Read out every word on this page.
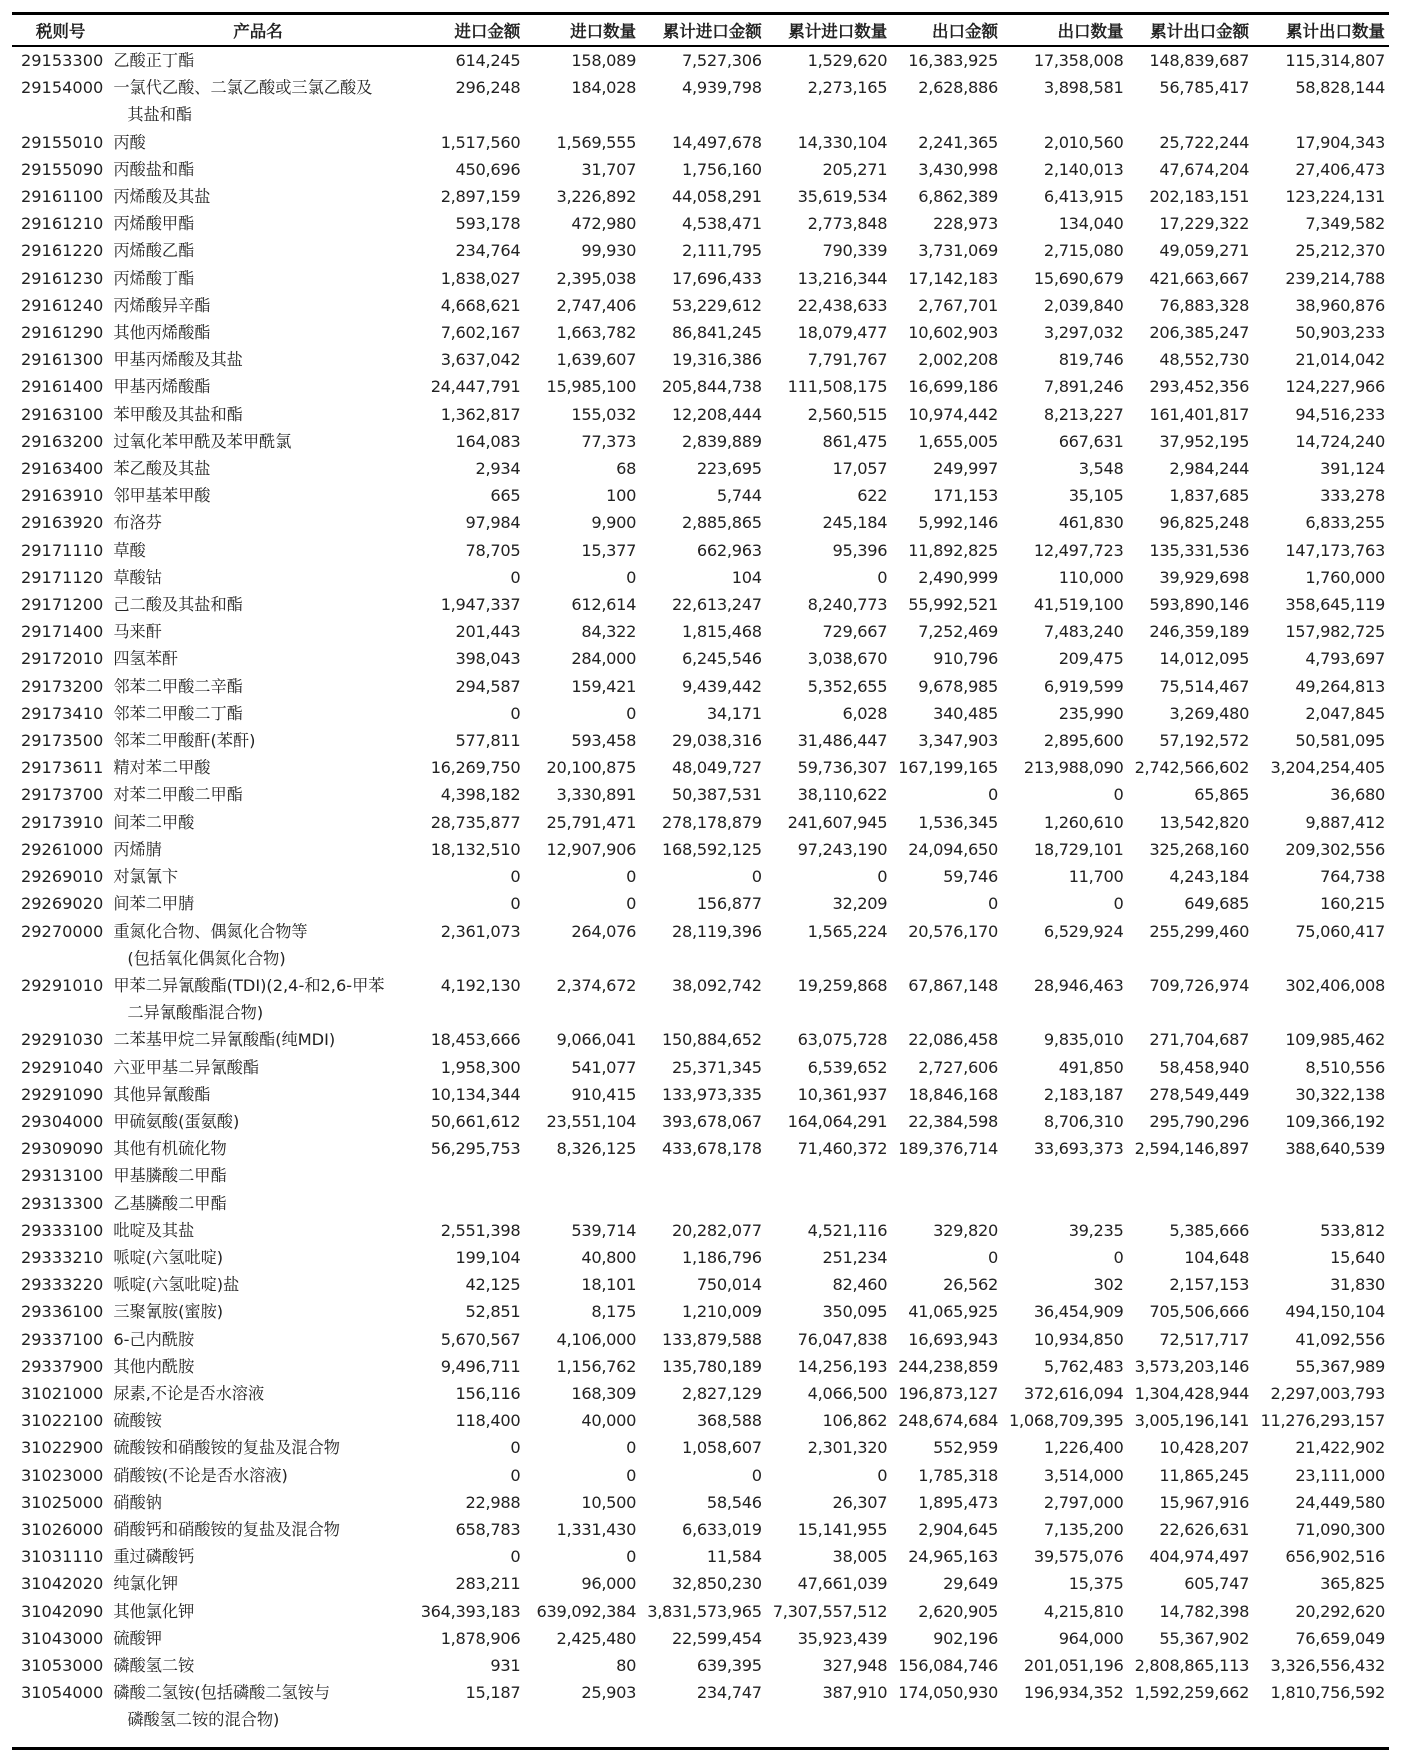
税则号	产品名	进口金额	进口数量	累计进口金额	累计进口数量	出口金额	出口数量	累计出口金额	累计出口数量
29153300	乙酸正丁酯	614,245	158,089	7,527,306	1,529,620	16,383,925	17,358,008	148,839,687	115,314,807
29154000	一氯代乙酸、二氯乙酸或三氯乙酸及
其盐和酯	296,248	184,028	4,939,798	2,273,165	2,628,886	3,898,581	56,785,417	58,828,144
29155010	丙酸	1,517,560	1,569,555	14,497,678	14,330,104	2,241,365	2,010,560	25,722,244	17,904,343
29155090	丙酸盐和酯	450,696	31,707	1,756,160	205,271	3,430,998	2,140,013	47,674,204	27,406,473
29161100	丙烯酸及其盐	2,897,159	3,226,892	44,058,291	35,619,534	6,862,389	6,413,915	202,183,151	123,224,131
29161210	丙烯酸甲酯	593,178	472,980	4,538,471	2,773,848	228,973	134,040	17,229,322	7,349,582
29161220	丙烯酸乙酯	234,764	99,930	2,111,795	790,339	3,731,069	2,715,080	49,059,271	25,212,370
29161230	丙烯酸丁酯	1,838,027	2,395,038	17,696,433	13,216,344	17,142,183	15,690,679	421,663,667	239,214,788
29161240	丙烯酸异辛酯	4,668,621	2,747,406	53,229,612	22,438,633	2,767,701	2,039,840	76,883,328	38,960,876
29161290	其他丙烯酸酯	7,602,167	1,663,782	86,841,245	18,079,477	10,602,903	3,297,032	206,385,247	50,903,233
29161300	甲基丙烯酸及其盐	3,637,042	1,639,607	19,316,386	7,791,767	2,002,208	819,746	48,552,730	21,014,042
29161400	甲基丙烯酸酯	24,447,791	15,985,100	205,844,738	111,508,175	16,699,186	7,891,246	293,452,356	124,227,966
29163100	苯甲酸及其盐和酯	1,362,817	155,032	12,208,444	2,560,515	10,974,442	8,213,227	161,401,817	94,516,233
29163200	过氧化苯甲酰及苯甲酰氯	164,083	77,373	2,839,889	861,475	1,655,005	667,631	37,952,195	14,724,240
29163400	苯乙酸及其盐	2,934	68	223,695	17,057	249,997	3,548	2,984,244	391,124
29163910	邻甲基苯甲酸	665	100	5,744	622	171,153	35,105	1,837,685	333,278
29163920	布洛芬	97,984	9,900	2,885,865	245,184	5,992,146	461,830	96,825,248	6,833,255
29171110	草酸	78,705	15,377	662,963	95,396	11,892,825	12,497,723	135,331,536	147,173,763
29171120	草酸钴	0	0	104	0	2,490,999	110,000	39,929,698	1,760,000
29171200	己二酸及其盐和酯	1,947,337	612,614	22,613,247	8,240,773	55,992,521	41,519,100	593,890,146	358,645,119
29171400	马来酐	201,443	84,322	1,815,468	729,667	7,252,469	7,483,240	246,359,189	157,982,725
29172010	四氢苯酐	398,043	284,000	6,245,546	3,038,670	910,796	209,475	14,012,095	4,793,697
29173200	邻苯二甲酸二辛酯	294,587	159,421	9,439,442	5,352,655	9,678,985	6,919,599	75,514,467	49,264,813
29173410	邻苯二甲酸二丁酯	0	0	34,171	6,028	340,485	235,990	3,269,480	2,047,845
29173500	邻苯二甲酸酐(苯酐)	577,811	593,458	29,038,316	31,486,447	3,347,903	2,895,600	57,192,572	50,581,095
29173611	精对苯二甲酸	16,269,750	20,100,875	48,049,727	59,736,307	167,199,165	213,988,090	2,742,566,602	3,204,254,405
29173700	对苯二甲酸二甲酯	4,398,182	3,330,891	50,387,531	38,110,622	0	0	65,865	36,680
29173910	间苯二甲酸	28,735,877	25,791,471	278,178,879	241,607,945	1,536,345	1,260,610	13,542,820	9,887,412
29261000	丙烯腈	18,132,510	12,907,906	168,592,125	97,243,190	24,094,650	18,729,101	325,268,160	209,302,556
29269010	对氯氰卞	0	0	0	0	59,746	11,700	4,243,184	764,738
29269020	间苯二甲腈	0	0	156,877	32,209	0	0	649,685	160,215
29270000	重氮化合物、偶氮化合物等
(包括氧化偶氮化合物)	2,361,073	264,076	28,119,396	1,565,224	20,576,170	6,529,924	255,299,460	75,060,417
29291010	甲苯二异氰酸酯(TDI)(2,4-和2,6-甲苯
二异氰酸酯混合物)	4,192,130	2,374,672	38,092,742	19,259,868	67,867,148	28,946,463	709,726,974	302,406,008
29291030	二苯基甲烷二异氰酸酯(纯MDI)	18,453,666	9,066,041	150,884,652	63,075,728	22,086,458	9,835,010	271,704,687	109,985,462
29291040	六亚甲基二异氰酸酯	1,958,300	541,077	25,371,345	6,539,652	2,727,606	491,850	58,458,940	8,510,556
29291090	其他异氰酸酯	10,134,344	910,415	133,973,335	10,361,937	18,846,168	2,183,187	278,549,449	30,322,138
29304000	甲硫氨酸(蛋氨酸)	50,661,612	23,551,104	393,678,067	164,064,291	22,384,598	8,706,310	295,790,296	109,366,192
29309090	其他有机硫化物	56,295,753	8,326,125	433,678,178	71,460,372	189,376,714	33,693,373	2,594,146,897	388,640,539
29313100	甲基膦酸二甲酯								

29313300	乙基膦酸二甲酯								

29333100	吡啶及其盐	2,551,398	539,714	20,282,077	4,521,116	329,820	39,235	5,385,666	533,812
29333210	哌啶(六氢吡啶)	199,104	40,800	1,186,796	251,234	0	0	104,648	15,640
29333220	哌啶(六氢吡啶)盐	42,125	18,101	750,014	82,460	26,562	302	2,157,153	31,830
29336100	三聚氰胺(蜜胺)	52,851	8,175	1,210,009	350,095	41,065,925	36,454,909	705,506,666	494,150,104
29337100	6-己内酰胺	5,670,567	4,106,000	133,879,588	76,047,838	16,693,943	10,934,850	72,517,717	41,092,556
29337900	其他内酰胺	9,496,711	1,156,762	135,780,189	14,256,193	244,238,859	5,762,483	3,573,203,146	55,367,989
31021000	尿素,不论是否水溶液	156,116	168,309	2,827,129	4,066,500	196,873,127	372,616,094	1,304,428,944	2,297,003,793
31022100	硫酸铵	118,400	40,000	368,588	106,862	248,674,684	1,068,709,395	3,005,196,141	11,276,293,157
31022900	硫酸铵和硝酸铵的复盐及混合物	0	0	1,058,607	2,301,320	552,959	1,226,400	10,428,207	21,422,902
31023000	硝酸铵(不论是否水溶液)	0	0	0	0	1,785,318	3,514,000	11,865,245	23,111,000
31025000	硝酸钠	22,988	10,500	58,546	26,307	1,895,473	2,797,000	15,967,916	24,449,580
31026000	硝酸钙和硝酸铵的复盐及混合物	658,783	1,331,430	6,633,019	15,141,955	2,904,645	7,135,200	22,626,631	71,090,300
31031110	重过磷酸钙	0	0	11,584	38,005	24,965,163	39,575,076	404,974,497	656,902,516
31042020	纯氯化钾	283,211	96,000	32,850,230	47,661,039	29,649	15,375	605,747	365,825
31042090	其他氯化钾	364,393,183	639,092,384	3,831,573,965	7,307,557,512	2,620,905	4,215,810	14,782,398	20,292,620
31043000	硫酸钾	1,878,906	2,425,480	22,599,454	35,923,439	902,196	964,000	55,367,902	76,659,049
31053000	磷酸氢二铵	931	80	639,395	327,948	156,084,746	201,051,196	2,808,865,113	3,326,556,432
31054000	磷酸二氢铵(包括磷酸二氢铵与
磷酸氢二铵的混合物)	15,187	25,903	234,747	387,910	174,050,930	196,934,352	1,592,259,662	1,810,756,592
